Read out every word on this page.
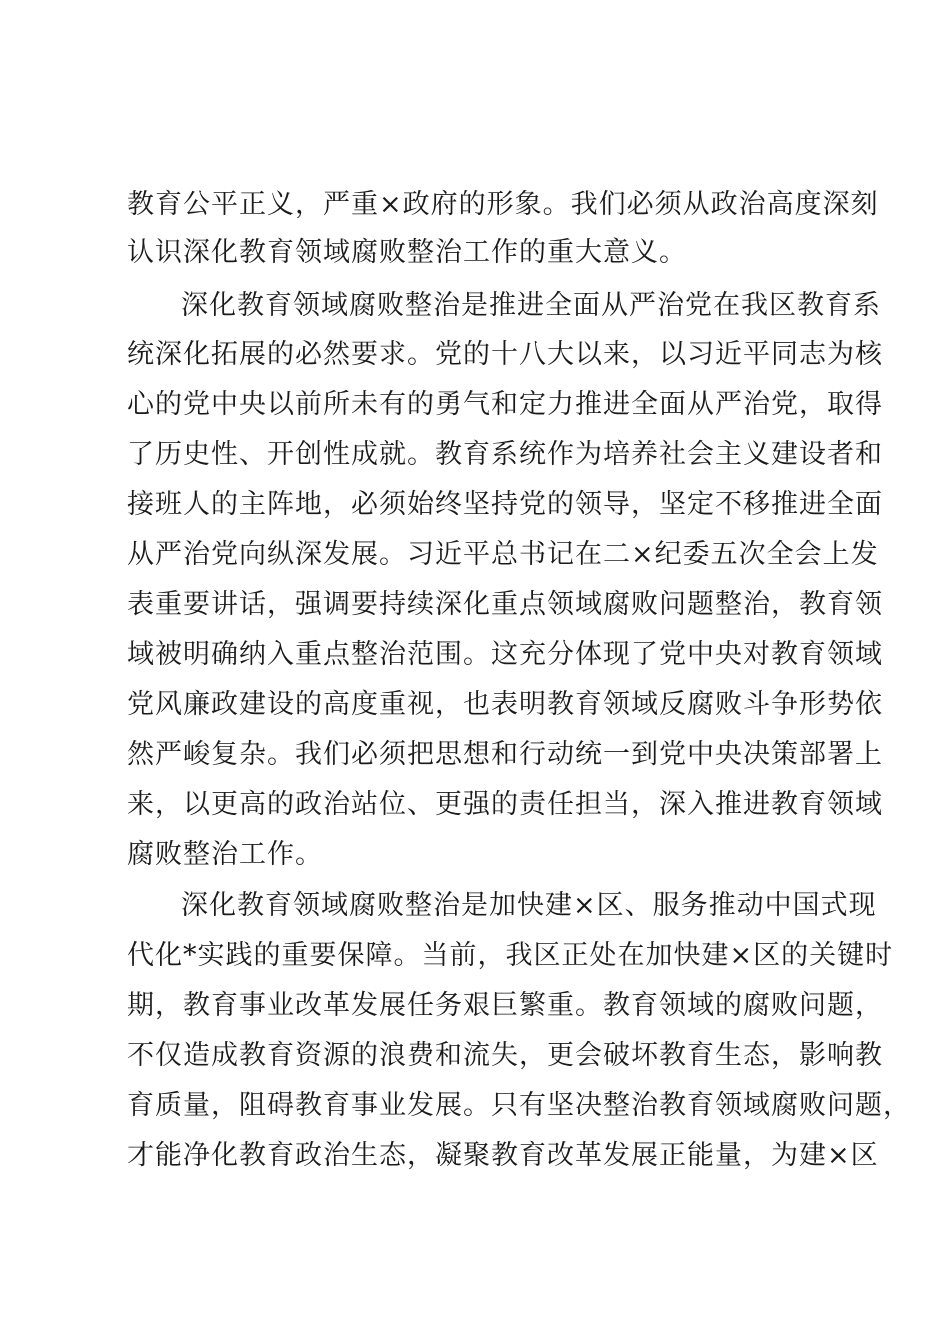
教育公平正义，严重×政府的形象。我们必须从政治高度深刻
认识深化教育领域腐败整治工作的重大意义。
深化教育领域腐败整治是推进全面从严治党在我区教育系
统深化拓展的必然要求。党的十八大以来，以习近平同志为核
心的党中央以前所未有的勇气和定力推进全面从严治党，取得
了历史性、开创性成就。教育系统作为培养社会主义建设者和
接班人的主阵地，必须始终坚持党的领导，坚定不移推进全面
从严治党向纵深发展。习近平总书记在二×纪委五次全会上发
表重要讲话，强调要持续深化重点领域腐败问题整治，教育领
域被明确纳入重点整治范围。这充分体现了党中央对教育领域
党风廉政建设的高度重视，也表明教育领域反腐败斗争形势依
然严峻复杂。我们必须把思想和行动统一到党中央决策部署上
来，以更高的政治站位、更强的责任担当，深入推进教育领域
腐败整治工作。
深化教育领域腐败整治是加快建×区、服务推动中国式现
代化*实践的重要保障。当前，我区正处在加快建×区的关键时
期，教育事业改革发展任务艰巨繁重。教育领域的腐败问题，
不仅造成教育资源的浪费和流失，更会破坏教育生态，影响教
育质量，阻碍教育事业发展。只有坚决整治教育领域腐败问题，
才能净化教育政治生态，凝聚教育改革发展正能量，为建×区
